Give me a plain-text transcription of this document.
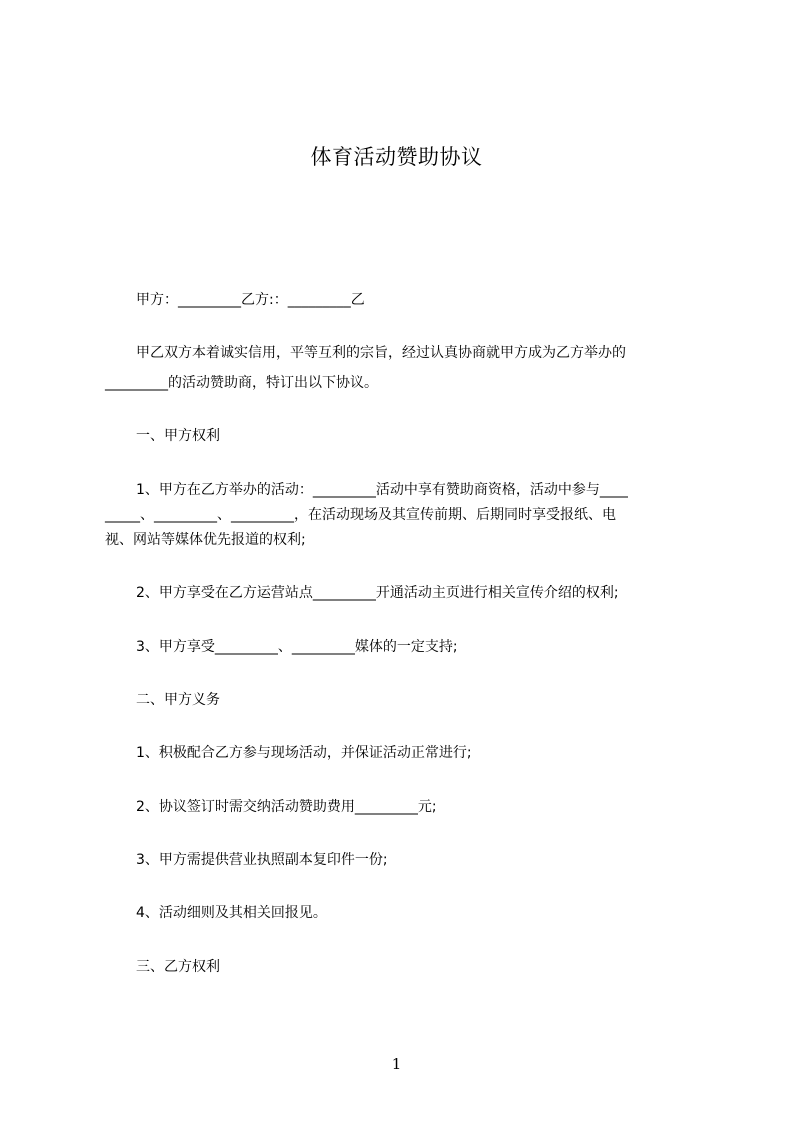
体育活动赞助协议
甲方：_________乙方:：_________乙
甲乙双方本着诚实信用，平等互利的宗旨，经过认真协商就甲方成为乙方举办的
_________的活动赞助商，特订出以下协议。
一、甲方权利
1、甲方在乙方举办的活动：_________活动中享有赞助商资格，活动中参与____
_____、_________、_________，在活动现场及其宣传前期、后期同时享受报纸、电
视、网站等媒体优先报道的权利;
2、甲方享受在乙方运营站点_________开通活动主页进行相关宣传介绍的权利;
3、甲方享受_________、_________媒体的一定支持;
二、甲方义务
1、积极配合乙方参与现场活动，并保证活动正常进行;
2、协议签订时需交纳活动赞助费用_________元;
3、甲方需提供营业执照副本复印件一份;
4、活动细则及其相关回报见。
三、乙方权利
1
